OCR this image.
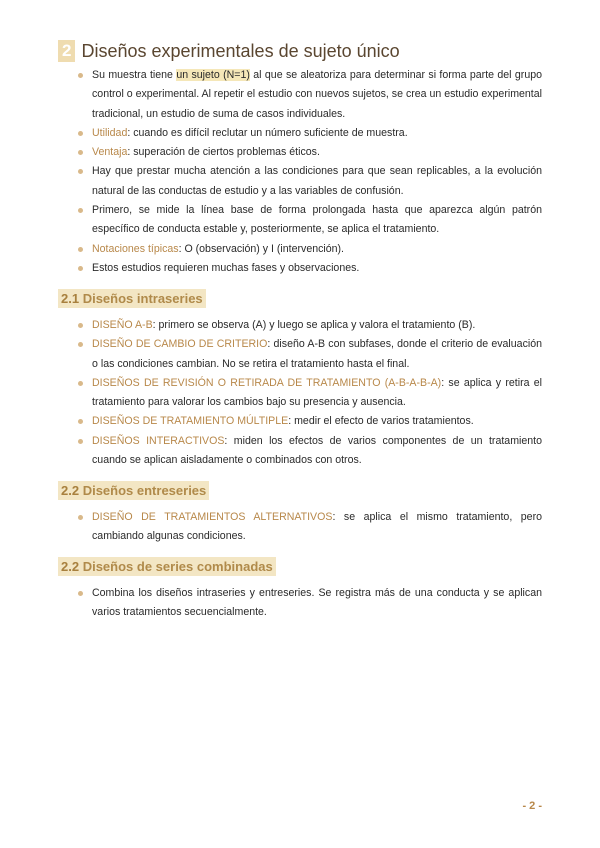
2 Diseños experimentales de sujeto único
Su muestra tiene un sujeto (N=1) al que se aleatoriza para determinar si forma parte del grupo control o experimental. Al repetir el estudio con nuevos sujetos, se crea un estudio experimental tradicional, un estudio de suma de casos individuales.
Utilidad: cuando es difícil reclutar un número suficiente de muestra.
Ventaja: superación de ciertos problemas éticos.
Hay que prestar mucha atención a las condiciones para que sean replicables, a la evolución natural de las conductas de estudio y a las variables de confusión.
Primero, se mide la línea base de forma prolongada hasta que aparezca algún patrón específico de conducta estable y, posteriormente, se aplica el tratamiento.
Notaciones típicas: O (observación) y I (intervención).
Estos estudios requieren muchas fases y observaciones.
2.1 Diseños intraseries
DISEÑO A-B: primero se observa (A) y luego se aplica y valora el tratamiento (B).
DISEÑO DE CAMBIO DE CRITERIO: diseño A-B con subfases, donde el criterio de evaluación o las condiciones cambian. No se retira el tratamiento hasta el final.
DISEÑOS DE REVISIÓN O RETIRADA DE TRATAMIENTO (A-B-A-B-A): se aplica y retira el tratamiento para valorar los cambios bajo su presencia y ausencia.
DISEÑOS DE TRATAMIENTO MÚLTIPLE: medir el efecto de varios tratamientos.
DISEÑOS INTERACTIVOS: miden los efectos de varios componentes de un tratamiento cuando se aplican aisladamente o combinados con otros.
2.2 Diseños entreseries
DISEÑO DE TRATAMIENTOS ALTERNATIVOS: se aplica el mismo tratamiento, pero cambiando algunas condiciones.
2.2 Diseños de series combinadas
Combina los diseños intraseries y entreseries. Se registra más de una conducta y se aplican varios tratamientos secuencialmente.
- 2 -
